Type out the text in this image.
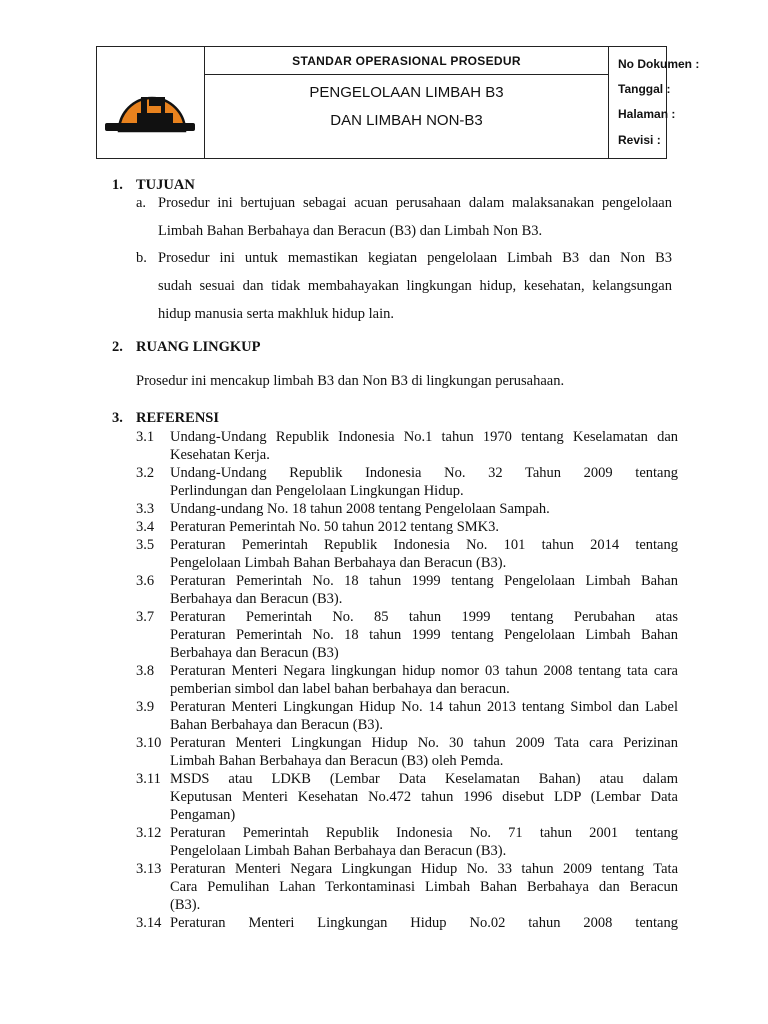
STANDAR OPERASIONAL PROSEDUR
PENGELOLAAN LIMBAH B3
DAN LIMBAH NON-B3
No Dokumen :
Tanggal :
Halaman :
Revisi :
1. TUJUAN
a. Prosedur ini bertujuan sebagai acuan perusahaan dalam malaksanakan pengelolaan
Limbah Bahan Berbahaya dan Beracun (B3) dan Limbah Non B3.
b. Prosedur ini untuk memastikan kegiatan pengelolaan Limbah B3 dan Non B3
sudah sesuai dan tidak membahayakan lingkungan hidup, kesehatan, kelangsungan
hidup manusia serta makhluk hidup lain.
2. RUANG LINGKUP
Prosedur ini mencakup limbah B3 dan Non B3 di lingkungan perusahaan.
3. REFERENSI
3.1 Undang-Undang Republik Indonesia No.1 tahun 1970 tentang Keselamatan dan
Kesehatan Kerja.
3.2 Undang-Undang Republik Indonesia No. 32 Tahun 2009 tentang
Perlindungan dan Pengelolaan Lingkungan Hidup.
3.3 Undang-undang No. 18 tahun 2008 tentang Pengelolaan Sampah.
3.4 Peraturan Pemerintah No. 50 tahun 2012 tentang SMK3.
3.5 Peraturan Pemerintah Republik Indonesia No. 101 tahun 2014 tentang
Pengelolaan Limbah Bahan Berbahaya dan Beracun (B3).
3.6 Peraturan Pemerintah No. 18 tahun 1999 tentang Pengelolaan Limbah Bahan
Berbahaya dan Beracun (B3).
3.7 Peraturan Pemerintah No. 85 tahun 1999 tentang Perubahan atas
Peraturan Pemerintah No. 18 tahun 1999 tentang Pengelolaan Limbah Bahan
Berbahaya dan Beracun (B3)
3.8 Peraturan Menteri Negara lingkungan hidup nomor 03 tahun 2008 tentang tata cara
pemberian simbol dan label bahan berbahaya dan beracun.
3.9 Peraturan Menteri Lingkungan Hidup No. 14 tahun 2013 tentang Simbol dan Label
Bahan Berbahaya dan Beracun (B3).
3.10 Peraturan Menteri Lingkungan Hidup No. 30 tahun 2009 Tata cara Perizinan
Limbah Bahan Berbahaya dan Beracun (B3) oleh Pemda.
3.11 MSDS atau LDKB (Lembar Data Keselamatan Bahan) atau dalam
Keputusan Menteri Kesehatan No.472 tahun 1996 disebut LDP (Lembar Data
Pengaman)
3.12 Peraturan Pemerintah Republik Indonesia No. 71 tahun 2001 tentang
Pengelolaan Limbah Bahan Berbahaya dan Beracun (B3).
3.13 Peraturan Menteri Negara Lingkungan Hidup No. 33 tahun 2009 tentang Tata
Cara Pemulihan Lahan Terkontaminasi Limbah Bahan Berbahaya dan Beracun
(B3).
3.14 Peraturan Menteri Lingkungan Hidup No.02 tahun 2008 tentang
